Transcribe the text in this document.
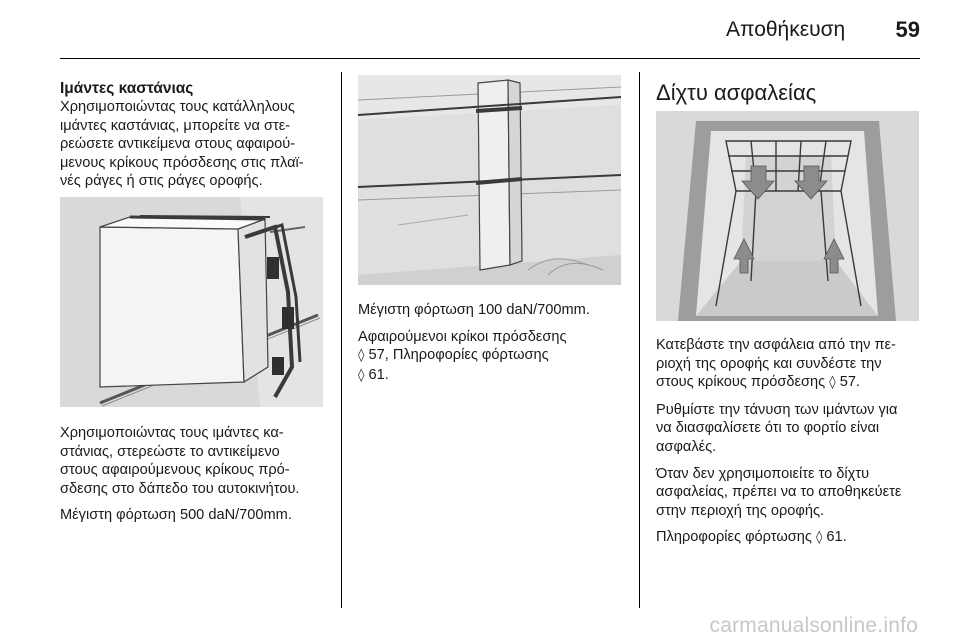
Αποθήκευση 59
Ιμάντες καστάνιας
Χρησιμοποιώντας τους κατάλληλους
ιμάντες καστάνιας, μπορείτε να στε-
ρεώσετε αντικείμενα στους αφαιρού-
μενους κρίκους πρόσδεσης στις πλαϊ-
νές ράγες ή στις ράγες οροφής.

Χρησιμοποιώντας τους ιμάντες κα-
στάνιας, στερεώστε το αντικείμενο
στους αφαιρούμενους κρίκους πρό-
σδεσης στο δάπεδο του αυτοκινήτου.

Μέγιστη φόρτωση 500 daN/700mm.

Μέγιστη φόρτωση 100 daN/700mm.

Αφαιρούμενοι κρίκοι πρόσδεσης
◊ 57, Πληροφορίες φόρτωσης
◊ 61.

Δίχτυ ασφαλείας

Κατεβάστε την ασφάλεια από την πε-
ριοχή της οροφής και συνδέστε την
στους κρίκους πρόσδεσης ◊ 57.

Ρυθμίστε την τάνυση των ιμάντων για
να διασφαλίσετε ότι το φορτίο είναι
ασφαλές.

Όταν δεν χρησιμοποιείτε το δίχτυ
ασφαλείας, πρέπει να το αποθηκεύετε
στην περιοχή της οροφής.

Πληροφορίες φόρτωσης ◊ 61.

carmanualsonline.info
